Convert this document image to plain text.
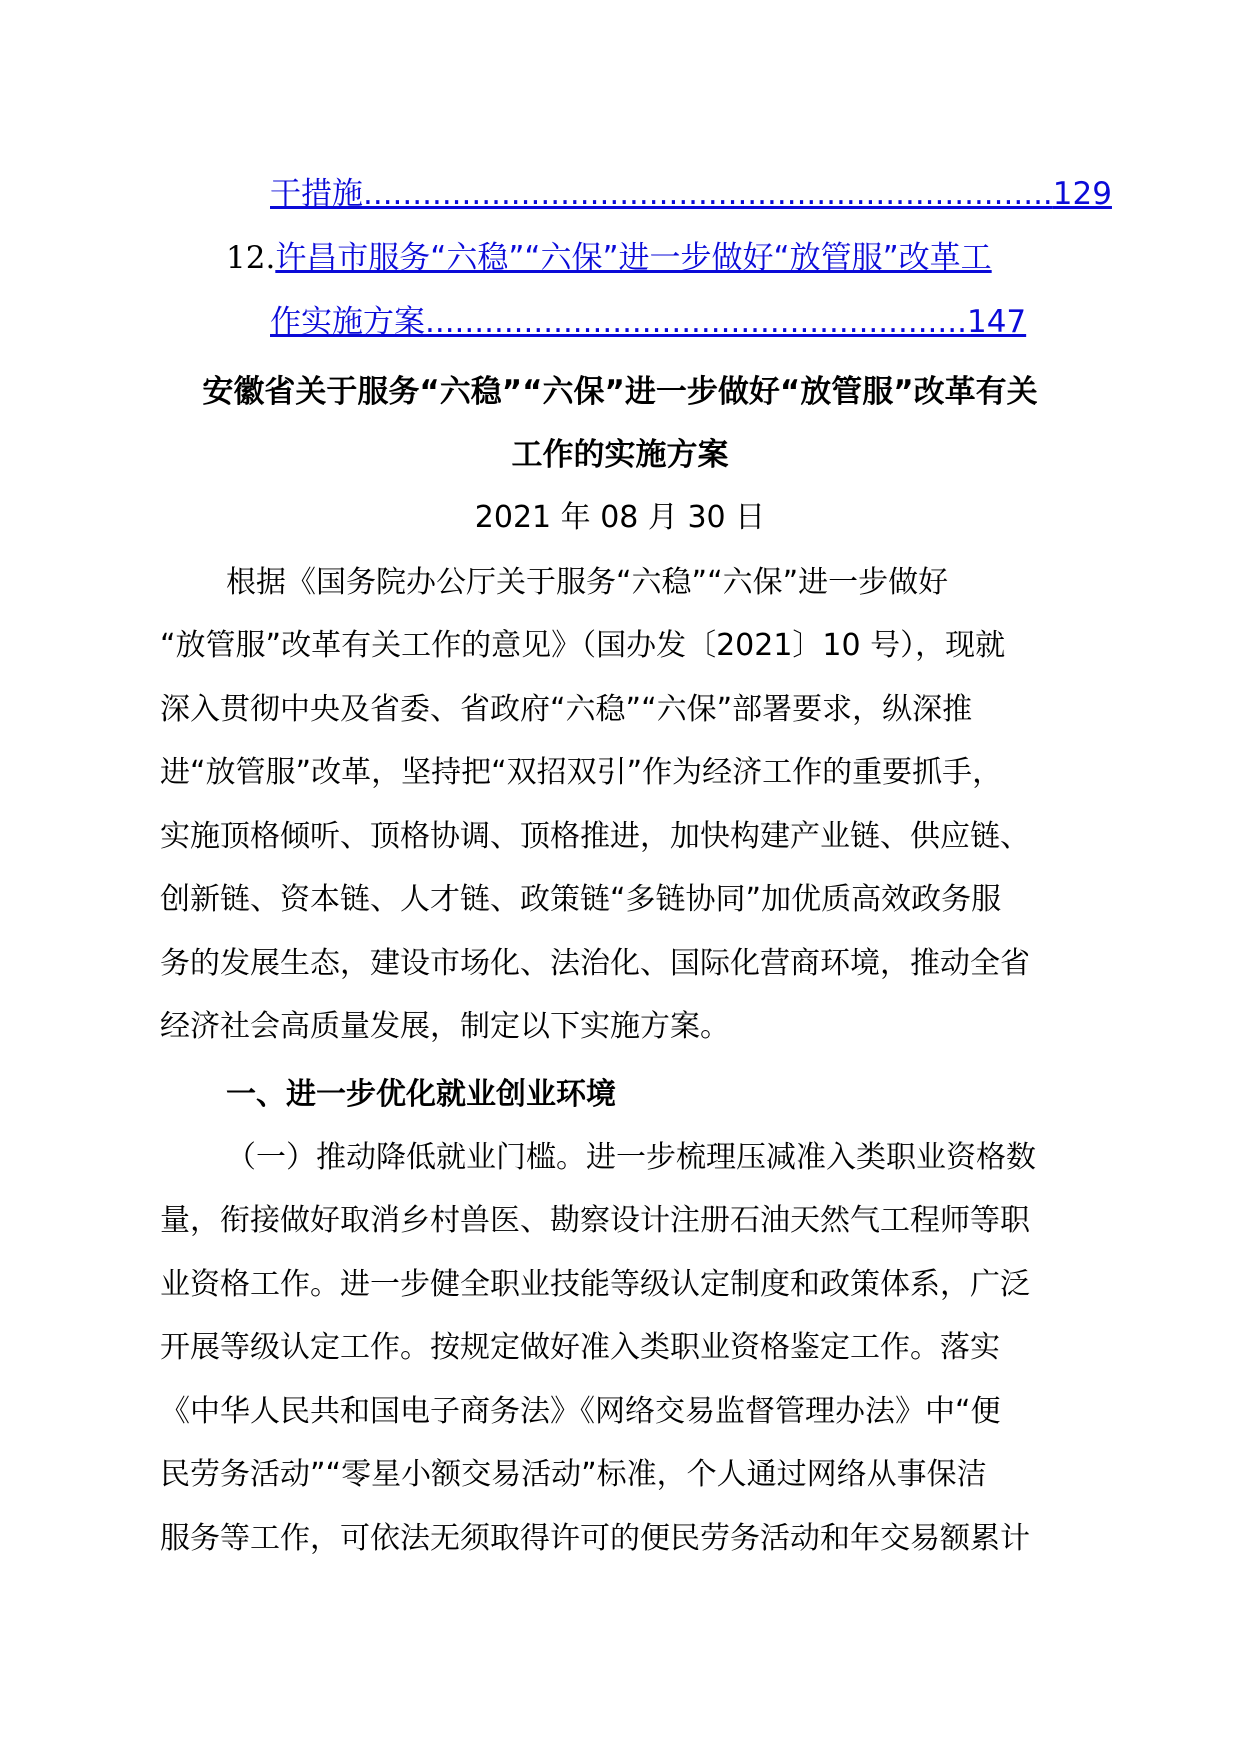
干措施......................................................................129
12.许昌市服务“六稳”“六保”进一步做好“放管服”改革工
作实施方案.......................................................147
安徽省关于服务“六稳”“六保”进一步做好“放管服”改革有关
工作的实施方案
2021 年 08 月 30 日
根据《国务院办公厅关于服务“六稳”“六保”进一步做好
“放管服”改革有关工作的意见》（国办发〔2021〕10 号），现就
深入贯彻中央及省委、省政府“六稳”“六保”部署要求，纵深推
进“放管服”改革，坚持把“双招双引”作为经济工作的重要抓手，
实施顶格倾听、顶格协调、顶格推进，加快构建产业链、供应链、
创新链、资本链、人才链、政策链“多链协同”加优质高效政务服
务的发展生态，建设市场化、法治化、国际化营商环境，推动全省
经济社会高质量发展，制定以下实施方案。
一、进一步优化就业创业环境
（一）推动降低就业门槛。进一步梳理压减准入类职业资格数
量，衔接做好取消乡村兽医、勘察设计注册石油天然气工程师等职
业资格工作。进一步健全职业技能等级认定制度和政策体系，广泛
开展等级认定工作。按规定做好准入类职业资格鉴定工作。落实
《中华人民共和国电子商务法》《网络交易监督管理办法》中“便
民劳务活动”“零星小额交易活动”标准，个人通过网络从事保洁
服务等工作，可依法无须取得许可的便民劳务活动和年交易额累计
